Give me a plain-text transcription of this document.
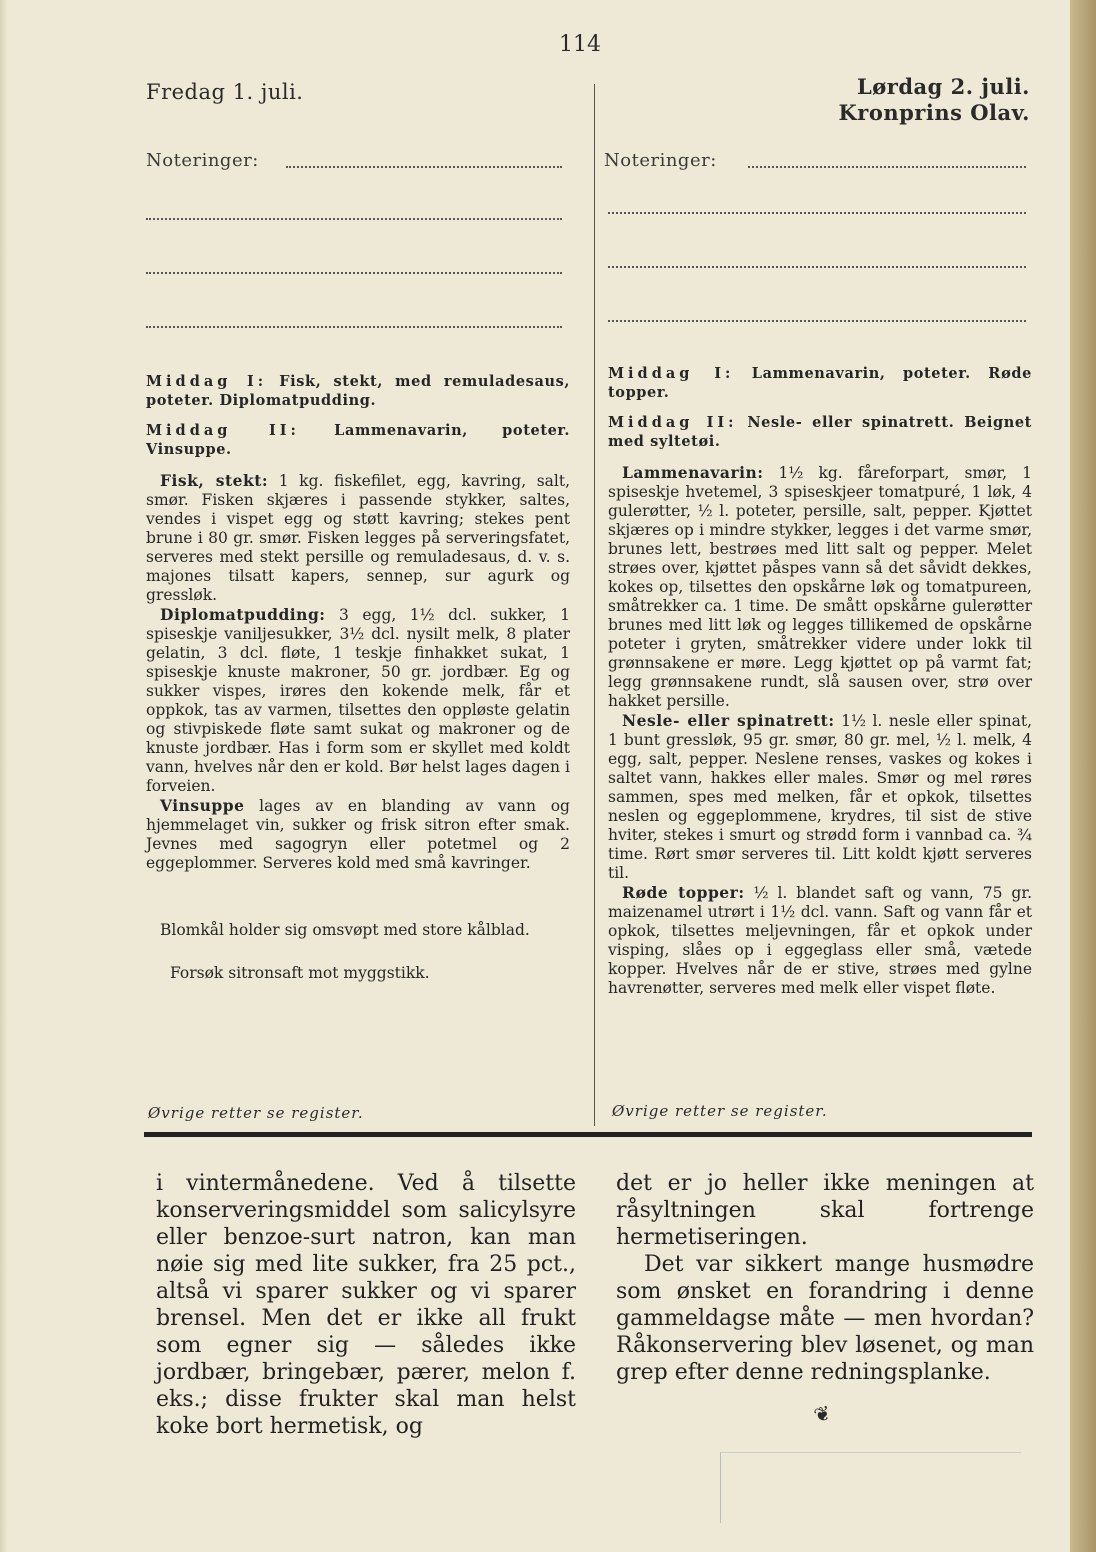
114
Fredag 1. juli.	Lørdag 2. juli.
Kronprins Olav.
Noteringer:	Noteringer:

Middag I: Fisk, stekt, med remuladesaus, poteter. Diplomatpudding.

Middag II: Lammenavarin, poteter. Vinsuppe.

Fisk, stekt: 1 kg. fiskefilet, egg, kavring, salt, smør. Fisken skjæres i passende stykker, saltes, vendes i vispet egg og støtt kavring; stekes pent brune i 80 gr. smør. Fisken legges på serveringsfatet, serveres med stekt persille og remuladesaus, d. v. s. majones tilsatt kapers, sennep, sur agurk og gressløk.

Diplomatpudding: 3 egg, 1½ dcl. sukker, 1 spiseskje vaniljesukker, 3½ dcl. nysilt melk, 8 plater gelatin, 3 dcl. fløte, 1 teskje finhakket sukat, 1 spiseskje knuste makroner, 50 gr. jordbær. Eg og sukker vispes, irøres den kokende melk, får et oppkok, tas av varmen, tilsettes den oppløste gelatin og stivpiskede fløte samt sukat og makroner og de knuste jordbær. Has i form som er skyllet med koldt vann, hvelves når den er kold. Bør helst lages dagen i forveien.

Vinsuppe lages av en blanding av vann og hjemmelaget vin, sukker og frisk sitron efter smak. Jevnes med sagogryn eller potetmel og 2 eggeplommer. Serveres kold med små kavringer.

Blomkål holder sig omsvøpt med store kålblad.

Forsøk sitronsaft mot myggstikk.

Øvrige retter se register.

Middag I: Lammenavarin, poteter. Røde topper.

Middag II: Nesle- eller spinatrett. Beignet med syltetøi.

Lammenavarin: 1½ kg. fåreforpart, smør, 1 spiseskje hvetemel, 3 spiseskjeer tomatpuré, 1 løk, 4 gulerøtter, ½ l. poteter, persille, salt, pepper. Kjøttet skjæres op i mindre stykker, legges i det varme smør, brunes lett, bestrøes med litt salt og pepper. Melet strøes over, kjøttet påspes vann så det såvidt dekkes, kokes op, tilsettes den opskårne løk og tomatpureen, småtrekker ca. 1 time. De smått opskårne gulerøtter brunes med litt løk og legges tillikemed de opskårne poteter i gryten, småtrekker videre under lokk til grønnsakene er møre. Legg kjøttet op på varmt fat; legg grønnsakene rundt, slå sausen over, strø over hakket persille.

Nesle- eller spinatrett: 1½ l. nesle eller spinat, 1 bunt gressløk, 95 gr. smør, 80 gr. mel, ½ l. melk, 4 egg, salt, pepper. Neslene renses, vaskes og kokes i saltet vann, hakkes eller males. Smør og mel røres sammen, spes med melken, får et opkok, tilsettes neslen og eggeplommene, krydres, til sist de stive hviter, stekes i smurt og strødd form i vannbad ca. ¾ time. Rørt smør serveres til. Litt koldt kjøtt serveres til.

Røde topper: ½ l. blandet saft og vann, 75 gr. maizenamel utrørt i 1½ dcl. vann. Saft og vann får et opkok, tilsettes meljevningen, får et opkok under visping, slåes op i eggeglass eller små, vætede kopper. Hvelves når de er stive, strøes med gylne havrenøtter, serveres med melk eller vispet fløte.

Øvrige retter se register.

i vintermånedene. Ved å tilsette konserveringsmiddel som salicylsyre eller benzoe-surt natron, kan man nøie sig med lite sukker, fra 25 pct., altså vi sparer sukker og vi sparer brensel. Men det er ikke all frukt som egner sig — således ikke jordbær, bringebær, pærer, melon f. eks.; disse frukter skal man helst koke bort hermetisk, og

det er jo heller ikke meningen at råsyltningen skal fortrenge hermetiseringen.

Det var sikkert mange husmødre som ønsket en forandring i denne gammeldagse måte — men hvordan? Råkonservering blev løsenet, og man grep efter denne redningsplanke.

❦
